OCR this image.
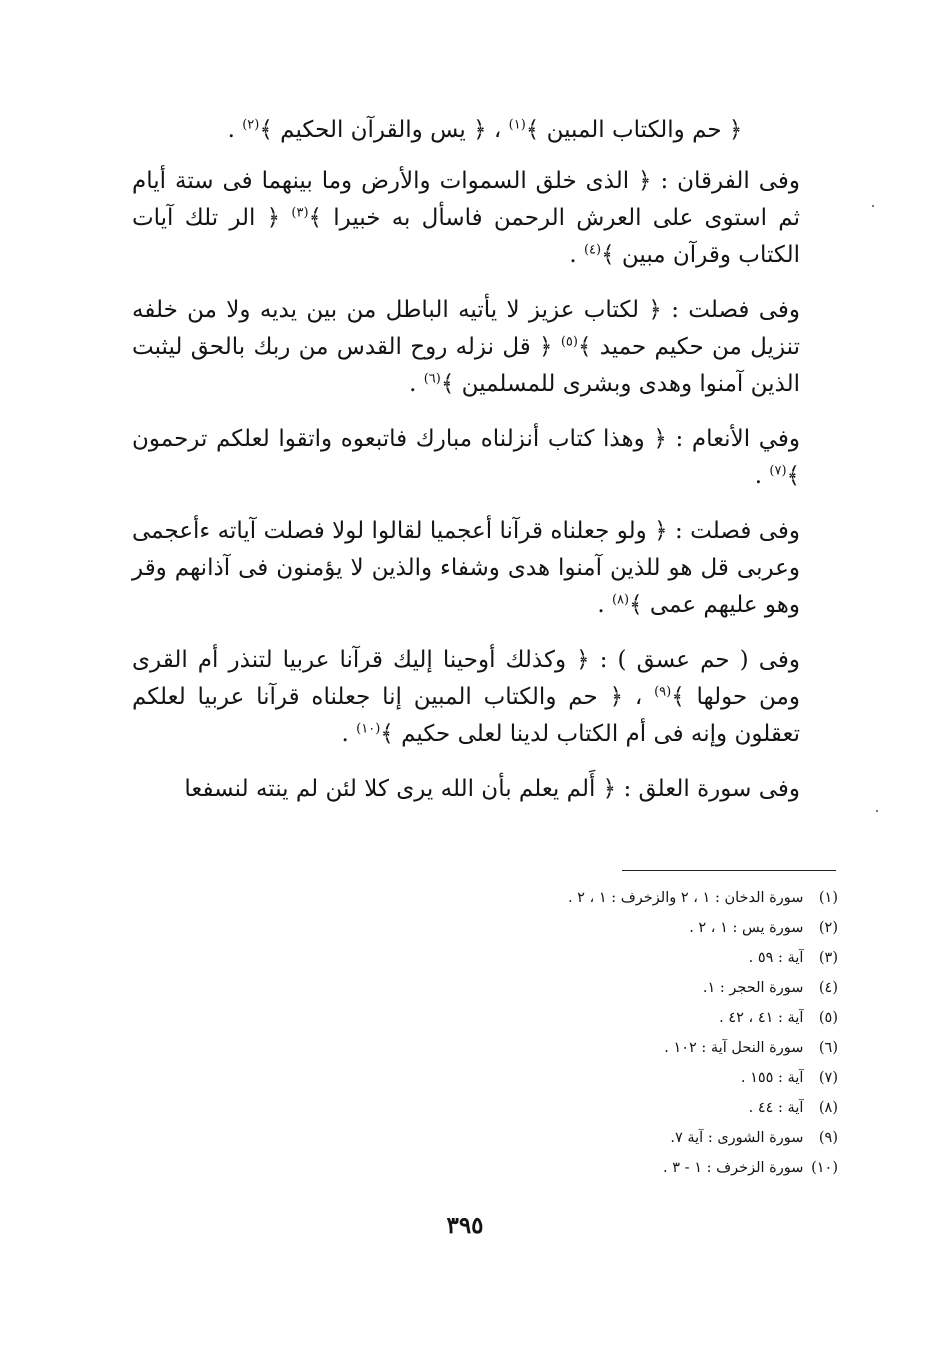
﴿ حم والكتاب المبين ﴾$^{(١)}$ ، ﴿ يس والقرآن الحكيم ﴾$^{(٢)}$ .

وفى الفرقان : ﴿ الذى خلق السموات والأرض وما بينهما فى ستة أيام ثم استوى على العرش الرحمن فاسأل به خبيرا ﴾$^{(٣)}$ ﴿ الر تلك آيات الكتاب وقرآن مبين ﴾$^{(٤)}$ .

وفى فصلت : ﴿ لكتاب عزيز لا يأتيه الباطل من بين يديه ولا من خلفه تنزيل من حكيم حميد ﴾$^{(٥)}$ ﴿ قل نزله روح القدس من ربك بالحق ليثبت الذين آمنوا وهدى وبشرى للمسلمين ﴾$^{(٦)}$ .

وفي الأنعام : ﴿ وهذا كتاب أنزلناه مبارك فاتبعوه واتقوا لعلكم ترحمون ﴾$^{(٧)}$ .

وفى فصلت : ﴿ ولو جعلناه قرآنا أعجميا لقالوا لولا فصلت آياته ءأعجمى وعربى قل هو للذين آمنوا هدى وشفاء والذين لا يؤمنون فى آذانهم وقر وهو عليهم عمى ﴾$^{(٨)}$ .

وفى ( حم عسق ) : ﴿ وكذلك أوحينا إليك قرآنا عربيا لتنذر أم القرى ومن حولها ﴾$^{(٩)}$ ، ﴿ حم والكتاب المبين إنا جعلناه قرآنا عربيا لعلكم تعقلون وإنه فى أم الكتاب لدينا لعلى حكيم ﴾$^{(١٠)}$ .

وفى سورة العلق : ﴿ أَلم يعلم بأن الله يرى كلا لئن لم ينته لنسفعا

(١) سورة الدخان : ١ ، ٢ والزخرف : ١ ، ٢ .
(٢) سورة يس : ١ ، ٢ .
(٣) آية : ٥٩ .
(٤) سورة الحجر : ١.
(٥) آية : ٤١ ، ٤٢ .
(٦) سورة النحل آية : ١٠٢ .
(٧) آية : ١٥٥ .
(٨) آية : ٤٤ .
(٩) سورة الشورى : آية ٧.
(١٠) سورة الزخرف : ١ - ٣ .
٣٩٥
